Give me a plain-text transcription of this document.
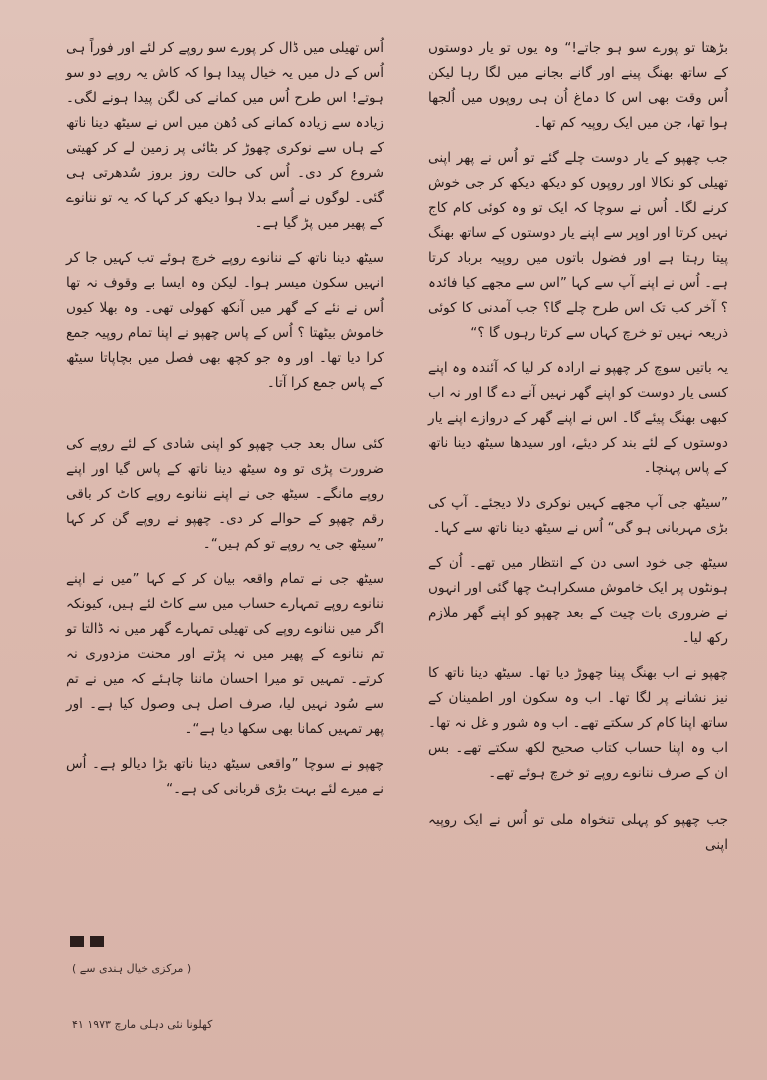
بڑھتا تو پورے سو ہو جاتے!“ وہ یوں تو یار دوستوں کے ساتھ بھنگ پینے اور گانے بجانے میں لگا رہا لیکن اُس وقت بھی اس کا دماغ اُن ہی روپوں میں اُلجھا ہوا تھا، جن میں ایک روپیہ کم تھا۔

جب چھپو کے یار دوست چلے گئے تو اُس نے پھر اپنی تھیلی کو نکالا اور روپوں کو دیکھ دیکھ کر جی خوش کرنے لگا۔ اُس نے سوچا کہ ایک تو وہ کوئی کام کاج نہیں کرتا اور اوپر سے اپنے یار دوستوں کے ساتھ بھنگ پیتا رہتا ہے اور فضول باتوں میں روپیہ برباد کرتا ہے۔ اُس نے اپنے آپ سے کہا ”اس سے مجھے کیا فائدہ ؟ آخر کب تک اس طرح چلے گا؟ جب آمدنی کا کوئی ذریعہ نہیں تو خرچ کہاں سے کرتا رہوں گا ؟“

یہ باتیں سوچ کر چھپو نے ارادہ کر لیا کہ آئندہ وہ اپنے کسی یار دوست کو اپنے گھر نہیں آنے دے گا اور نہ اب کبھی بھنگ پیئے گا۔ اس نے اپنے گھر کے دروازے اپنے یار دوستوں کے لئے بند کر دیئے، اور سیدھا سیٹھ دینا ناتھ کے پاس پہنچا۔

”سیٹھ جی آپ مجھے کہیں نوکری دلا دیجئے۔ آپ کی بڑی مہربانی ہو گی“ اُس نے سیٹھ دینا ناتھ سے کہا۔

سیٹھ جی خود اسی دن کے انتظار میں تھے۔ اُن کے ہونٹوں پر ایک خاموش مسکراہٹ چھا گئی اور انہوں نے ضروری بات چیت کے بعد چھپو کو اپنے گھر ملازم رکھ لیا۔

چھپو نے اب بھنگ پینا چھوڑ دیا تھا۔ سیٹھ دینا ناتھ کا نیز نشانے پر لگا تھا۔ اب وہ سکون اور اطمینان کے ساتھ اپنا کام کر سکتے تھے۔ اب وہ شور و غل نہ تھا۔ اب وہ اپنا حساب کتاب صحیح لکھ سکتے تھے۔ بس ان کے صرف ننانوے روپے تو خرچ ہوئے تھے۔

جب چھپو کو پہلی تنخواہ ملی تو اُس نے ایک روپیہ اپنی

اُس تھیلی میں ڈال کر پورے سو روپے کر لئے اور فوراً ہی اُس کے دل میں یہ خیال پیدا ہوا کہ کاش یہ روپے دو سو ہوتے! اس طرح اُس میں کمانے کی لگن پیدا ہونے لگی۔ زیادہ سے زیادہ کمانے کی دُھن میں اس نے سیٹھ دینا ناتھ کے ہاں سے نوکری چھوڑ کر بٹائی پر زمین لے کر کھیتی شروع کر دی۔ اُس کی حالت روز بروز سُدھرتی ہی گئی۔ لوگوں نے اُسے بدلا ہوا دیکھ کر کہا کہ یہ تو ننانوے کے پھیر میں پڑ گیا ہے۔

سیٹھ دینا ناتھ کے ننانوے روپے خرچ ہوئے تب کہیں جا کر انہیں سکون میسر ہوا۔ لیکن وہ ایسا بے وقوف نہ تھا اُس نے نئے کے گھر میں آنکھ کھولی تھی۔ وہ بھلا کیوں خاموش بیٹھتا ؟ اُس کے پاس چھپو نے اپنا تمام روپیہ جمع کرا دیا تھا۔ اور وہ جو کچھ بھی فصل میں بچاپاتا سیٹھ کے پاس جمع کرا آتا۔

کئی سال بعد جب چھپو کو اپنی شادی کے لئے روپے کی ضرورت پڑی تو وہ سیٹھ دینا ناتھ کے پاس گیا اور اپنے روپے مانگے۔ سیٹھ جی نے اپنے ننانوے روپے کاٹ کر باقی رقم چھپو کے حوالے کر دی۔ چھپو نے روپے گن کر کہا ”سیٹھ جی یہ روپے تو کم ہیں“۔

سیٹھ جی نے تمام واقعہ بیان کر کے کہا ”میں نے اپنے ننانوے روپے تمہارے حساب میں سے کاٹ لئے ہیں، کیونکہ اگر میں ننانوے روپے کی تھیلی تمہارے گھر میں نہ ڈالتا تو تم ننانوے کے پھیر میں نہ پڑتے اور محنت مزدوری نہ کرتے۔ تمہیں تو میرا احسان ماننا چاہئے کہ میں نے تم سے سُود نہیں لیا، صرف اصل ہی وصول کیا ہے۔ اور پھر تمہیں کمانا بھی سکھا دیا ہے“۔

چھپو نے سوچا ”واقعی سیٹھ دینا ناتھ بڑا دیالو ہے۔ اُس نے میرے لئے بہت بڑی قربانی کی ہے۔“

( مرکزی خیال ہندی سے )
کھلونا نئی دہلی مارچ ۱۹۷۳ ۴۱
